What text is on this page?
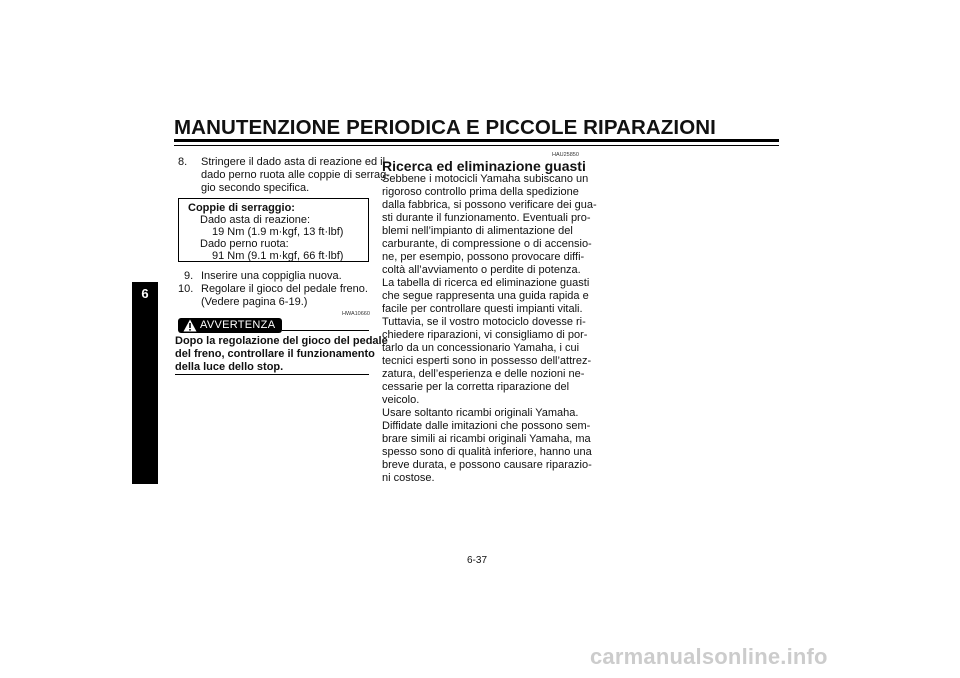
MANUTENZIONE PERIODICA E PICCOLE RIPARAZIONI
6
8. Stringere il dado asta di reazione ed il
dado perno ruota alle coppie di serrag-
gio secondo specifica.
Coppie di serraggio:
Dado asta di reazione:
19 Nm (1.9 m·kgf, 13 ft·lbf)
Dado perno ruota:
91 Nm (9.1 m·kgf, 66 ft·lbf)
9. Inserire una coppiglia nuova.
10. Regolare il gioco del pedale freno.
(Vedere pagina 6-19.)
HWA10660
AVVERTENZA
Dopo la regolazione del gioco del pedale
del freno, controllare il funzionamento
della luce dello stop.
HAU25850
Ricerca ed eliminazione guasti
Sebbene i motocicli Yamaha subiscano un
rigoroso controllo prima della spedizione
dalla fabbrica, si possono verificare dei gua-
sti durante il funzionamento. Eventuali pro-
blemi nell’impianto di alimentazione del
carburante, di compressione o di accensio-
ne, per esempio, possono provocare diffi-
coltà all’avviamento o perdite di potenza.
La tabella di ricerca ed eliminazione guasti
che segue rappresenta una guida rapida e
facile per controllare questi impianti vitali.
Tuttavia, se il vostro motociclo dovesse ri-
chiedere riparazioni, vi consigliamo di por-
tarlo da un concessionario Yamaha, i cui
tecnici esperti sono in possesso dell’attrez-
zatura, dell’esperienza e delle nozioni ne-
cessarie per la corretta riparazione del
veicolo.
Usare soltanto ricambi originali Yamaha.
Diffidate dalle imitazioni che possono sem-
brare simili ai ricambi originali Yamaha, ma
spesso sono di qualità inferiore, hanno una
breve durata, e possono causare riparazio-
ni costose.
6-37
carmanualsonline.info
